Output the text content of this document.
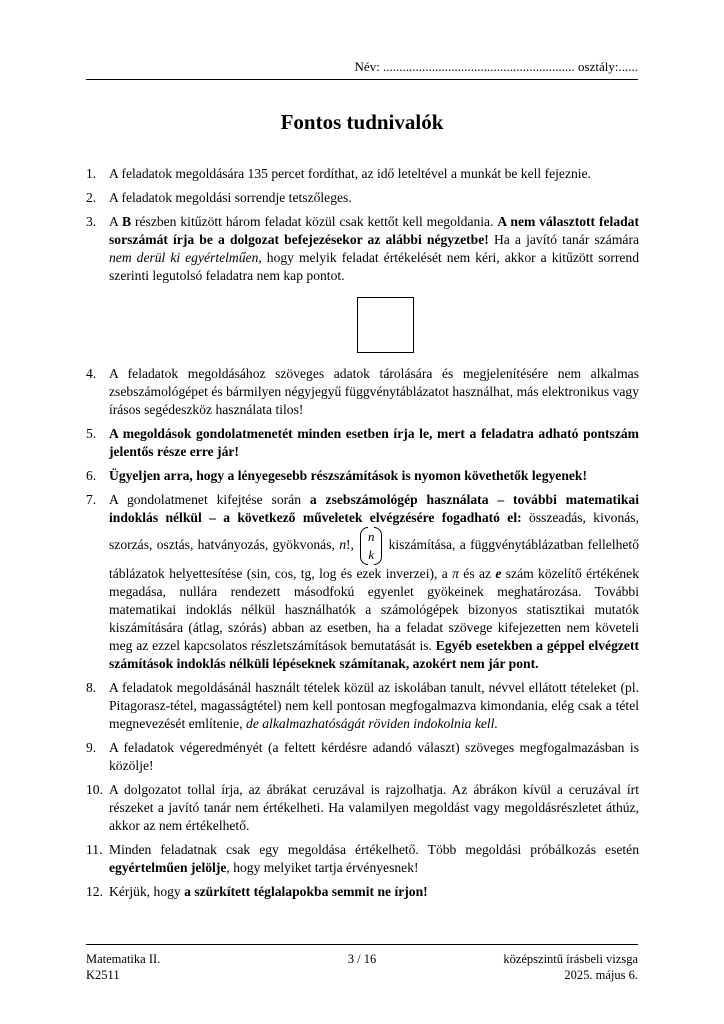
Név: ........................................................... osztály:......
Fontos tudnivalók
1. A feladatok megoldására 135 percet fordíthat, az idő leteltével a munkát be kell fejeznie.
2. A feladatok megoldási sorrendje tetszőleges.
3. A B részben kitűzött három feladat közül csak kettőt kell megoldania. A nem választott feladat sorszámát írja be a dolgozat befejezésekor az alábbi négyzetbe! Ha a javító tanár számára nem derül ki egyértelműen, hogy melyik feladat értékelését nem kéri, akkor a kitűzött sorrend szerinti legutolsó feladatra nem kap pontot.
4. A feladatok megoldásához szöveges adatok tárolására és megjelenítésére nem alkalmas zsebszámológépet és bármilyen négyjegyű függvénytáblázatot használhat, más elektronikus vagy írásos segédeszköz használata tilos!
5. A megoldások gondolatmenetét minden esetben írja le, mert a feladatra adható pontszám jelentős része erre jár!
6. Ügyeljen arra, hogy a lényegesebb részszámítások is nyomon követhetők legyenek!
7. A gondolatmenet kifejtése során a zsebszámológép használata – további matematikai indoklás nélkül – a következő műveletek elvégzésére fogadható el: összeadás, kivonás, szorzás, osztás, hatványozás, gyökvonás, n!,
n
k
kiszámítása, a függvénytáblázatban fellelhető táblázatok helyettesítése (sin, cos, tg, log és ezek inverzei), a π és az e szám közelítő értékének megadása, nullára rendezett másodfokú egyenlet gyökeinek meghatározása. További matematikai indoklás nélkül használhatók a számológépek bizonyos statisztikai mutatók kiszámítására (átlag, szórás) abban az esetben, ha a feladat szövege kifejezetten nem követeli meg az ezzel kapcsolatos részletszámítások bemutatását is. Egyéb esetekben a géppel elvégzett számítások indoklás nélküli lépéseknek számítanak, azokért nem jár pont.
8. A feladatok megoldásánál használt tételek közül az iskolában tanult, névvel ellátott tételeket (pl. Pitagorasz-tétel, magasságtétel) nem kell pontosan megfogalmazva kimondania, elég csak a tétel megnevezését említenie, de alkalmazhatóságát röviden indokolnia kell.
9. A feladatok végeredményét (a feltett kérdésre adandó választ) szöveges megfogalmazásban is közölje!
10. A dolgozatot tollal írja, az ábrákat ceruzával is rajzolhatja. Az ábrákon kívül a ceruzával írt részeket a javító tanár nem értékelheti. Ha valamilyen megoldást vagy megoldásrészletet áthúz, akkor az nem értékelhető.
11. Minden feladatnak csak egy megoldása értékelhető. Több megoldási próbálkozás esetén egyértelműen jelölje, hogy melyiket tartja érvényesnek!
12. Kérjük, hogy a szürkített téglalapokba semmit ne írjon!
Matematika II.
K2511
3 / 16	középszintű írásbeli vizsga
2025. május 6.
